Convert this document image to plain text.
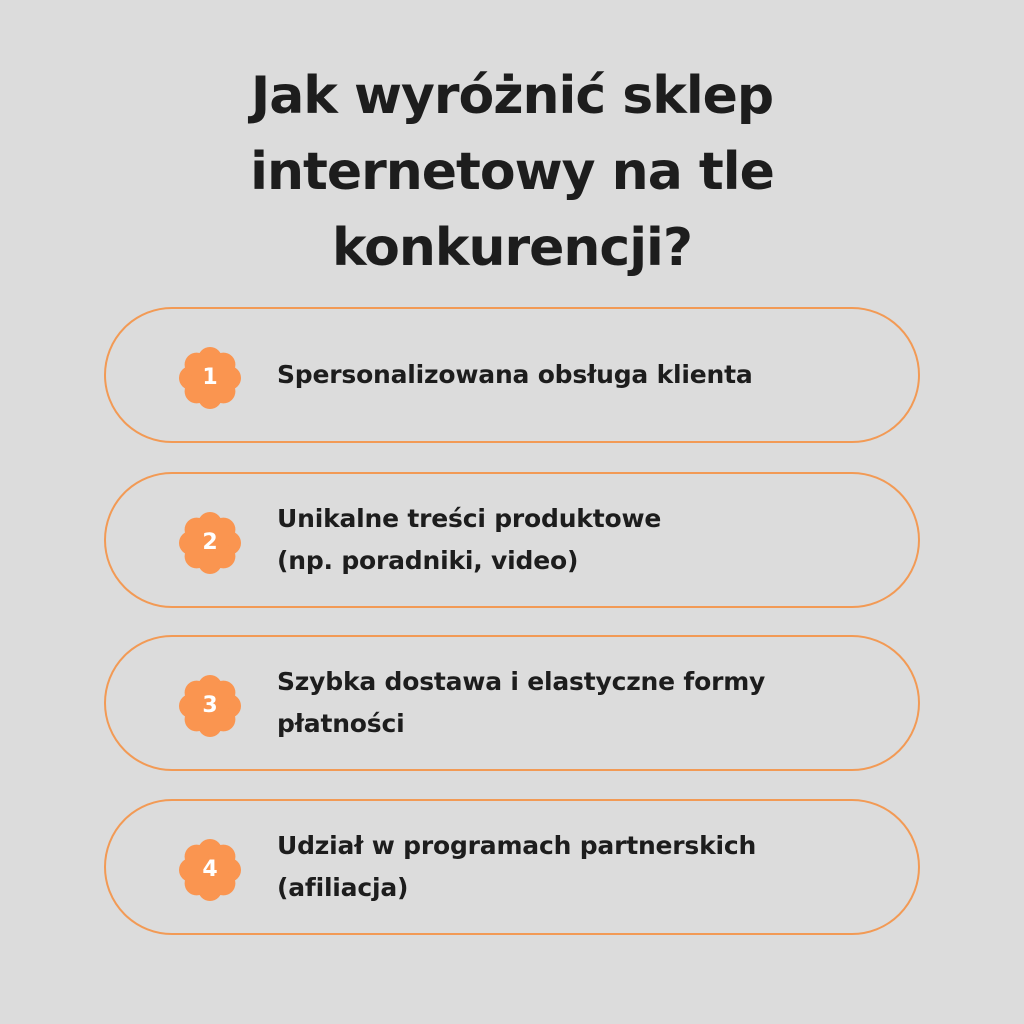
Jak wyróżnić sklep
internetowy na tle
konkurencji?
1	Spersonalizowana obsługa klienta
2
Unikalne treści produktowe
(np. poradniki, video)
3
Szybka dostawa i elastyczne formy
płatności
4
Udział w programach partnerskich
(afiliacja)
